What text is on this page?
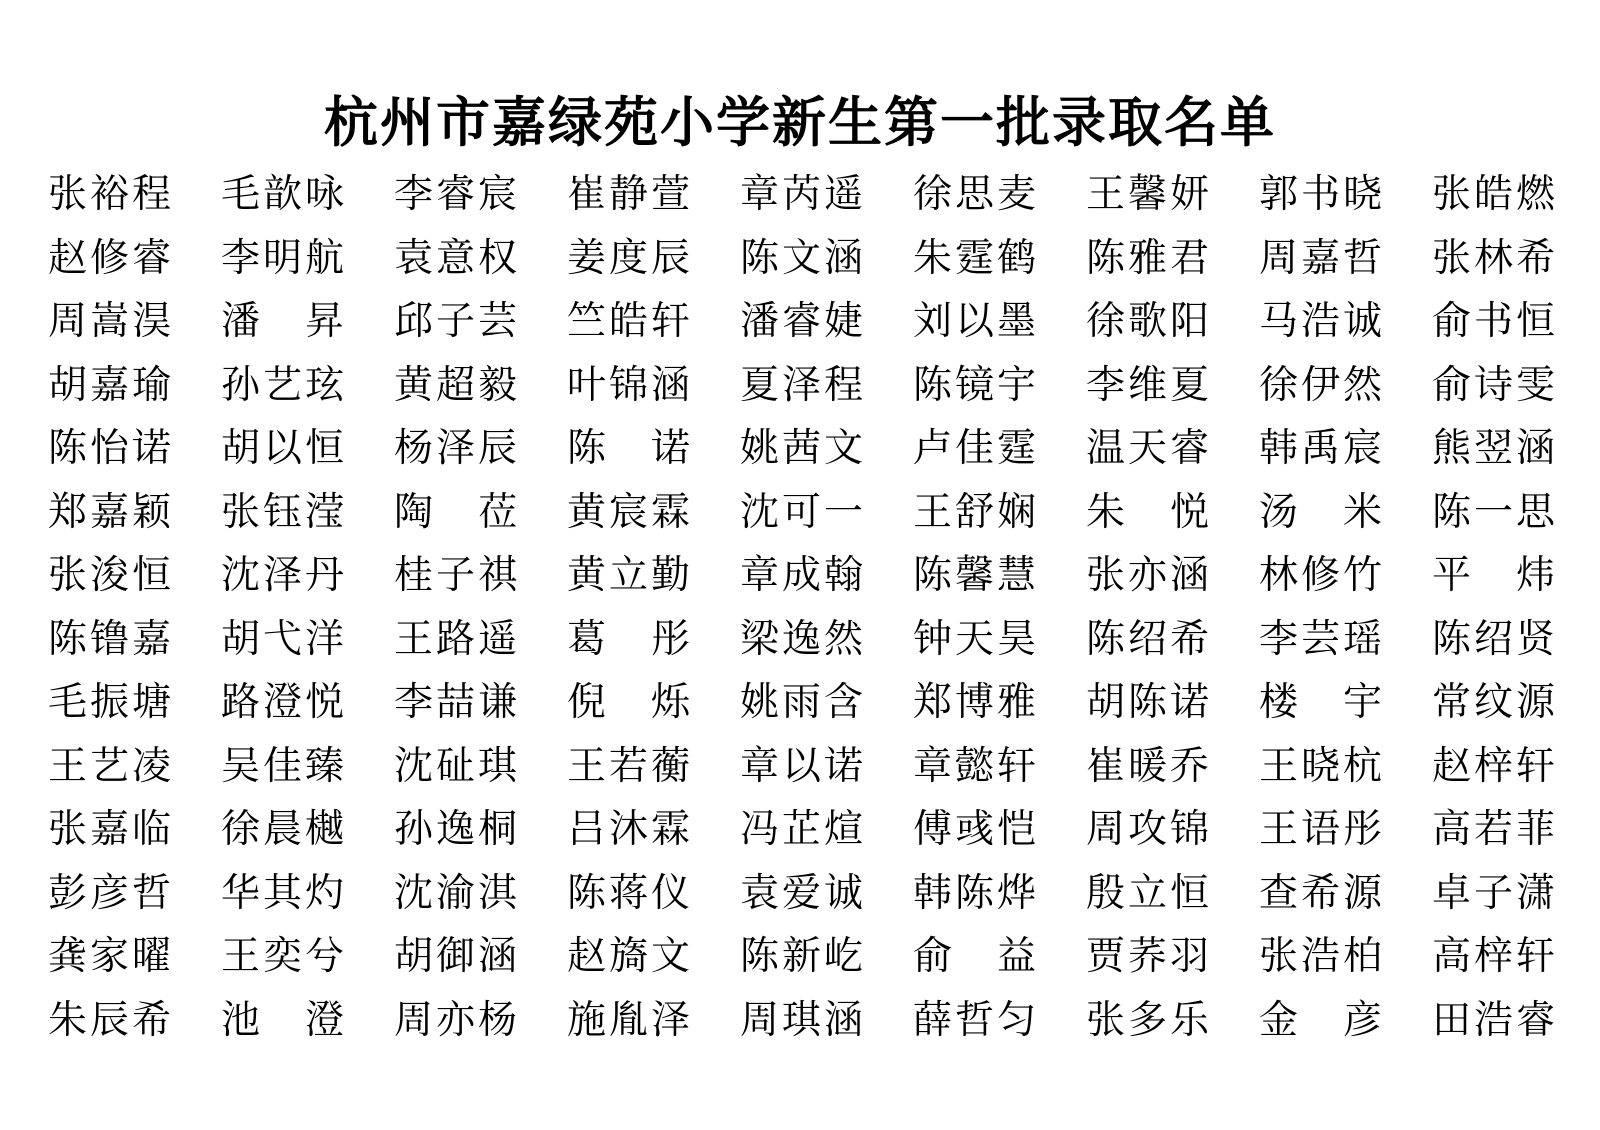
杭州市嘉绿苑小学新生第一批录取名单
张裕程 毛歆咏 李睿宸 崔静萱 章芮遥 徐思麦 王馨妍 郭书晓 张皓燃
赵修睿 李明航 袁意权 姜度辰 陈文涵 朱霆鹤 陈雅君 周嘉哲 张林希
周嵩淏 潘 昇 邱子芸 竺皓轩 潘睿婕 刘以墨 徐歌阳 马浩诚 俞书恒
胡嘉瑜 孙艺玹 黄超毅 叶锦涵 夏泽程 陈镜宇 李维夏 徐伊然 俞诗雯
陈怡诺 胡以恒 杨泽辰 陈 诺 姚茜文 卢佳霆 温天睿 韩禹宸 熊翌涵
郑嘉颖 张钰滢 陶 莅 黄宸霖 沈可一 王舒娴 朱 悦 汤 米 陈一思
张浚恒 沈泽丹 桂子祺 黄立勤 章成翰 陈馨慧 张亦涵 林修竹 平 炜
陈镥嘉 胡弋洋 王路遥 葛 彤 梁逸然 钟天昊 陈绍希 李芸瑶 陈绍贤
毛振塘 路澄悦 李喆谦 倪 烁 姚雨含 郑博雅 胡陈诺 楼 宇 常纹源
王艺凌 吴佳臻 沈砋琪 王若蘅 章以诺 章懿轩 崔暖乔 王晓杭 赵梓轩
张嘉临 徐晨樾 孙逸桐 吕沐霖 冯芷煊 傅彧恺 周攻锦 王语彤 高若菲
彭彦哲 华其灼 沈渝淇 陈蒋仪 袁爱诚 韩陈烨 殷立恒 查希源 卓子潇
龚家曜 王奕兮 胡御涵 赵旖文 陈新屹 俞 益 贾荞羽 张浩柏 高梓轩
朱辰希 池 澄 周亦杨 施胤泽 周琪涵 薛哲匀 张多乐 金 彦 田浩睿
